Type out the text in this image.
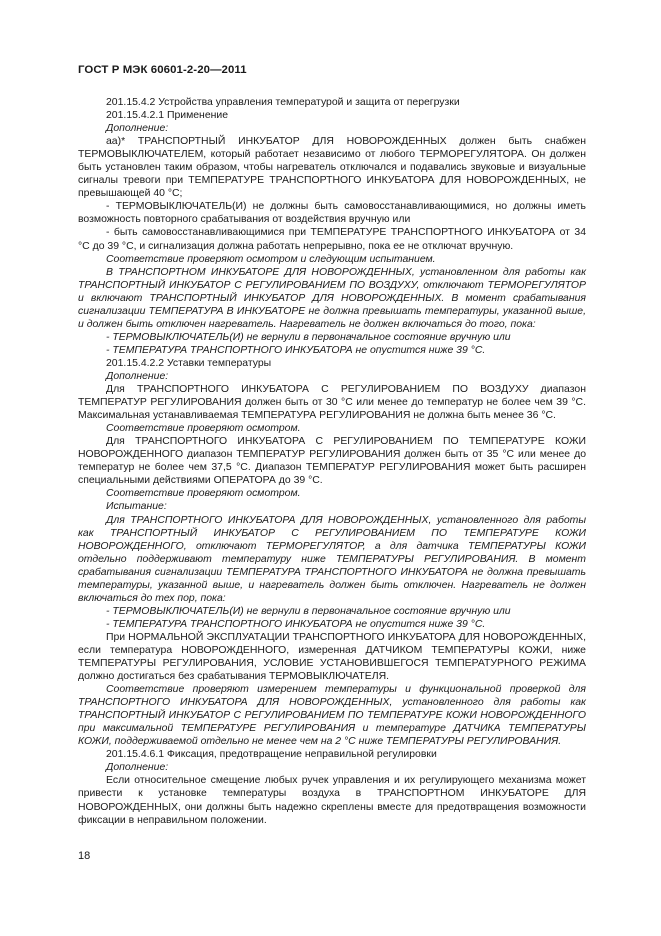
ГОСТ Р МЭК 60601-2-20—2011

201.15.4.2 Устройства управления температурой и защита от перегрузки

201.15.4.2.1 Применение

Дополнение:

аа)* ТРАНСПОРТНЫЙ ИНКУБАТОР ДЛЯ НОВОРОЖДЕННЫХ должен быть снабжен ТЕРМОВЫКЛЮЧАТЕЛЕМ, который работает независимо от любого ТЕРМОРЕГУЛЯТОРА. Он должен быть установлен таким образом, чтобы нагреватель отключался и подавались звуковые и визуальные сигналы тревоги при ТЕМПЕРАТУРЕ ТРАНСПОРТНОГО ИНКУБАТОРА ДЛЯ НОВОРОЖДЕННЫХ, не превышающей 40 °С;

- ТЕРМОВЫКЛЮЧАТЕЛЬ(И) не должны быть самовосстанавливающимися, но должны иметь возможность повторного срабатывания от воздействия вручную или

- быть самовосстанавливающимися при ТЕМПЕРАТУРЕ ТРАНСПОРТНОГО ИНКУБАТОРА от 34 °С до 39 °С, и сигнализация должна работать непрерывно, пока ее не отключат вручную.

Соответствие проверяют осмотром и следующим испытанием.

В ТРАНСПОРТНОМ ИНКУБАТОРЕ ДЛЯ НОВОРОЖДЕННЫХ, установленном для работы как ТРАНСПОРТНЫЙ ИНКУБАТОР С РЕГУЛИРОВАНИЕМ ПО ВОЗДУХУ, отключают ТЕРМОРЕГУЛЯТОР и включают ТРАНСПОРТНЫЙ ИНКУБАТОР ДЛЯ НОВОРОЖДЕННЫХ. В момент срабатывания сигнализации ТЕМПЕРАТУРА В ИНКУБАТОРЕ не должна превышать температуры, указанной выше, и должен быть отключен нагреватель. Нагреватель не должен включаться до того, пока:

- ТЕРМОВЫКЛЮЧАТЕЛЬ(И) не вернули в первоначальное состояние вручную или

- ТЕМПЕРАТУРА ТРАНСПОРТНОГО ИНКУБАТОРА не опустится ниже 39 °С.

201.15.4.2.2 Уставки температуры

Дополнение:

Для ТРАНСПОРТНОГО ИНКУБАТОРА С РЕГУЛИРОВАНИЕМ ПО ВОЗДУХУ диапазон ТЕМПЕРАТУР РЕГУЛИРОВАНИЯ должен быть от 30 °С или менее до температур не более чем 39 °С. Максимальная устанавливаемая ТЕМПЕРАТУРА РЕГУЛИРОВАНИЯ не должна быть менее 36 °С.

Соответствие проверяют осмотром.

Для ТРАНСПОРТНОГО ИНКУБАТОРА С РЕГУЛИРОВАНИЕМ ПО ТЕМПЕРАТУРЕ КОЖИ НОВОРОЖДЕННОГО диапазон ТЕМПЕРАТУР РЕГУЛИРОВАНИЯ должен быть от 35 °С или менее до температур не более чем 37,5 °С. Диапазон ТЕМПЕРАТУР РЕГУЛИРОВАНИЯ может быть расширен специальными действиями ОПЕРАТОРА до 39 °С.

Соответствие проверяют осмотром.

Испытание:

Для ТРАНСПОРТНОГО ИНКУБАТОРА ДЛЯ НОВОРОЖДЕННЫХ, установленного для работы как ТРАНСПОРТНЫЙ ИНКУБАТОР С РЕГУЛИРОВАНИЕМ ПО ТЕМПЕРАТУРЕ КОЖИ НОВОРОЖДЕННОГО, отключают ТЕРМОРЕГУЛЯТОР, а для датчика ТЕМПЕРАТУРЫ КОЖИ отдельно поддерживают температуру ниже ТЕМПЕРАТУРЫ РЕГУЛИРОВАНИЯ. В момент срабатывания сигнализации ТЕМПЕРАТУРА ТРАНСПОРТНОГО ИНКУБАТОРА не должна превышать температуры, указанной выше, и нагреватель должен быть отключен. Нагреватель не должен включаться до тех пор, пока:

- ТЕРМОВЫКЛЮЧАТЕЛЬ(И) не вернули в первоначальное состояние вручную или

- ТЕМПЕРАТУРА ТРАНСПОРТНОГО ИНКУБАТОРА не опустится ниже 39 °С.

При НОРМАЛЬНОЙ ЭКСПЛУАТАЦИИ ТРАНСПОРТНОГО ИНКУБАТОРА ДЛЯ НОВОРОЖДЕННЫХ, если температура НОВОРОЖДЕННОГО, измеренная ДАТЧИКОМ ТЕМПЕРАТУРЫ КОЖИ, ниже ТЕМПЕРАТУРЫ РЕГУЛИРОВАНИЯ, УСЛОВИЕ УСТАНОВИВШЕГОСЯ ТЕМПЕРАТУРНОГО РЕЖИМА должно достигаться без срабатывания ТЕРМОВЫКЛЮЧАТЕЛЯ.

Соответствие проверяют измерением температуры и функциональной проверкой для ТРАНСПОРТНОГО ИНКУБАТОРА ДЛЯ НОВОРОЖДЕННЫХ, установленного для работы как ТРАНСПОРТНЫЙ ИНКУБАТОР С РЕГУЛИРОВАНИЕМ ПО ТЕМПЕРАТУРЕ КОЖИ НОВОРОЖДЕННОГО при максимальной ТЕМПЕРАТУРЕ РЕГУЛИРОВАНИЯ и температуре ДАТЧИКА ТЕМПЕРАТУРЫ КОЖИ, поддерживаемой отдельно не менее чем на 2 °С ниже ТЕМПЕРАТУРЫ РЕГУЛИРОВАНИЯ.

201.15.4.6.1 Фиксация, предотвращение неправильной регулировки

Дополнение:

Если относительное смещение любых ручек управления и их регулирующего механизма может привести к установке температуры воздуха в ТРАНСПОРТНОМ ИНКУБАТОРЕ ДЛЯ НОВОРОЖДЕННЫХ, они должны быть надежно скреплены вместе для предотвращения возможности фиксации в неправильном положении.

18
